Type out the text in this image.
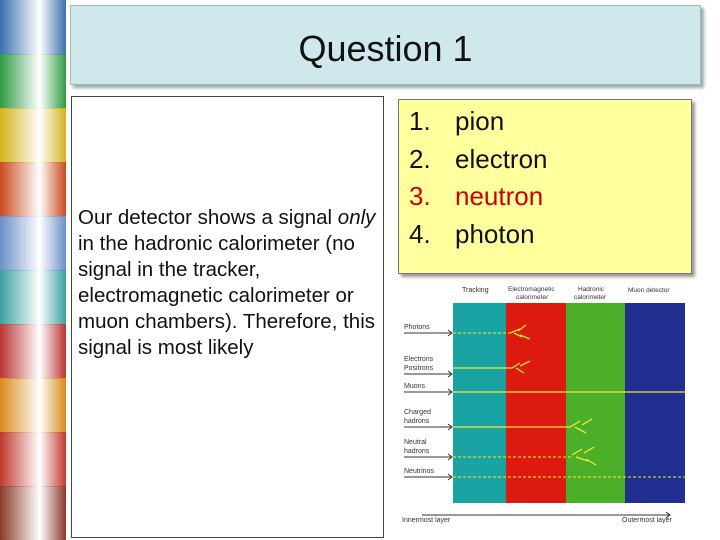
Question 1
Our detector shows a signal only in the hadronic calorimeter (no signal in the tracker, electromagnetic calorimeter or muon chambers). Therefore, this signal is most likely
1. pion
2. electron
3. neutron
4. photon
Tracking	Electromagnetic
calorimeter
Hadronic
calorimeter
Muon detector
Photons
Electrons
Positrons
Muons
Charged
hadrons
Neutral
hadrons
Neutrinos
Innermost layer	Outermost layer
